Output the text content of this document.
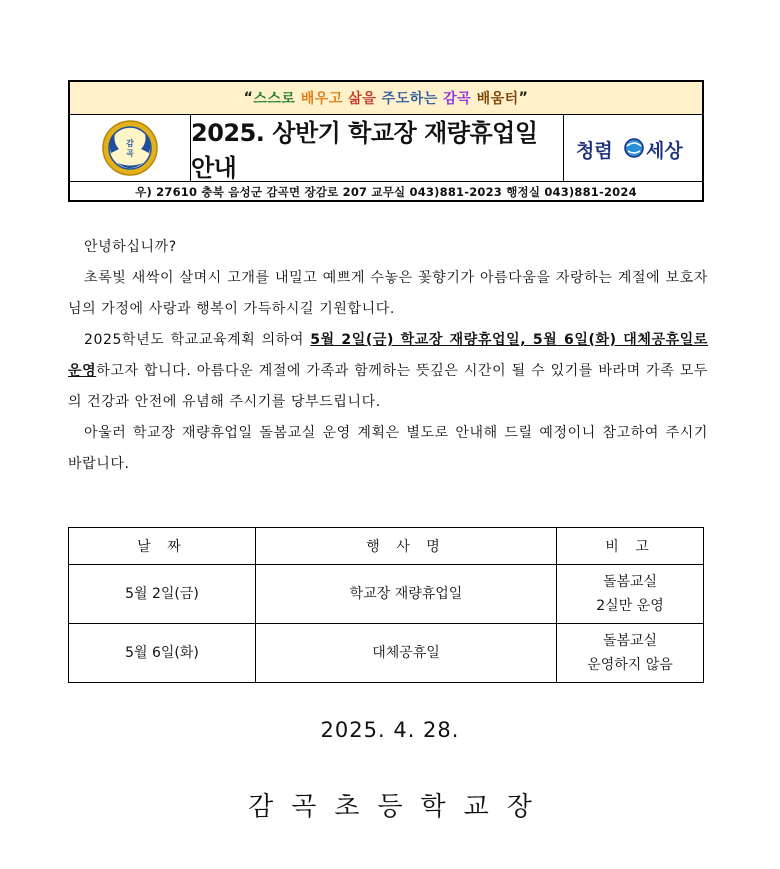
“ 스스로
배우고
삶을
주도하는
감곡
배움터 ”
감
곡
2025. 상반기 학교장 재량휴업일 안내
청렴 세상
우) 27610 충북 음성군 감곡면 장감로 207 교무실 043)881-2023 행정실 043)881-2024

안녕하십니까?

초록빛 새싹이 살며시 고개를 내밀고 예쁘게 수놓은 꽃향기가 아름다움을 자랑하는 계절에 보호자님의 가정에 사랑과 행복이 가득하시길 기원합니다.

2025학년도 학교교육계획 의하여 5월 2일(금) 학교장 재량휴업일, 5월 6일(화) 대체공휴일로 운영하고자 합니다. 아름다운 계절에 가족과 함께하는 뜻깊은 시간이 될 수 있기를 바라며 가족 모두의 건강과 안전에 유념해 주시기를 당부드립니다.

아울러 학교장 재량휴업일 돌봄교실 운영 계획은 별도로 안내해 드릴 예정이니 참고하여 주시기 바랍니다.

날 짜	행 사 명	비 고
5월 2일(금)	학교장 재량휴업일	돌봄교실
2실만 운영

5월 6일(화)	대체공휴일	돌봄교실
운영하지 않음
2025. 4. 28.
감곡초등학교장
